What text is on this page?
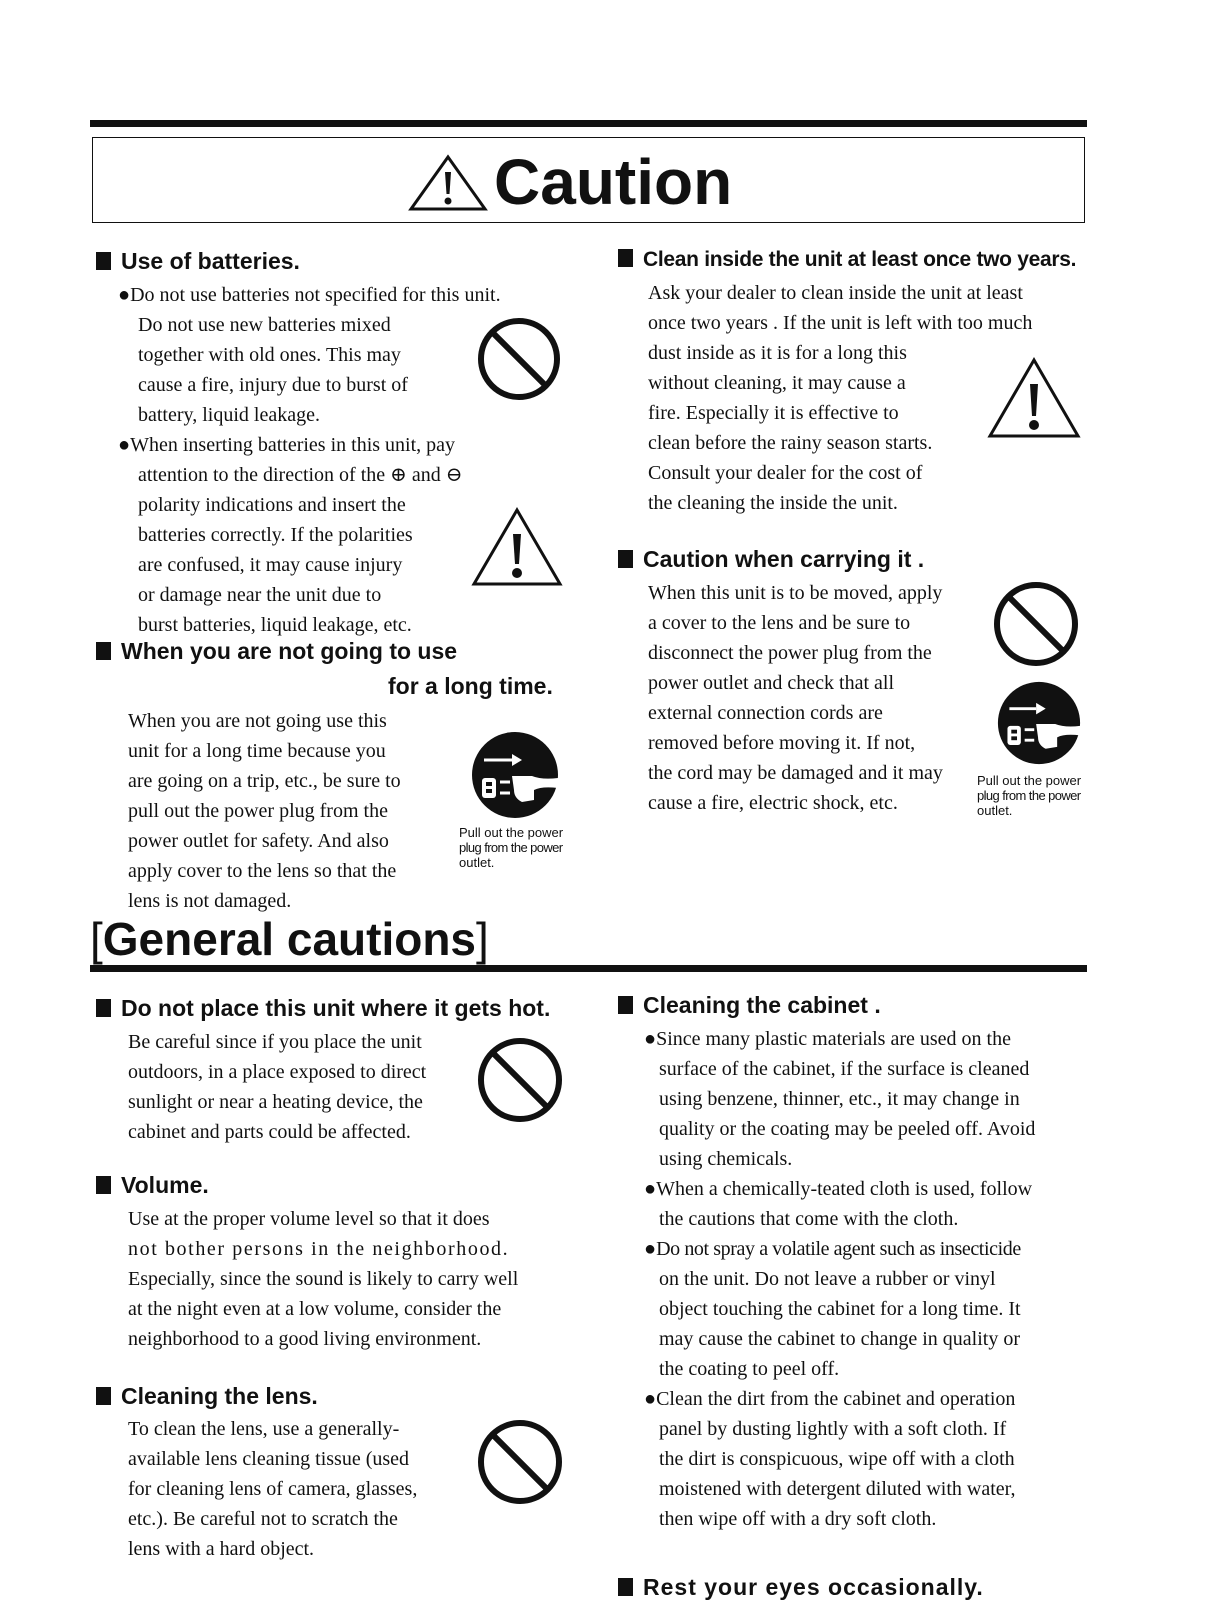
Caution
Use of batteries.
●Do not use batteries not specified for this unit.
Do not use new batteries mixed
together with old ones. This may
cause a fire, injury due to burst of
battery, liquid leakage.
●When inserting batteries in this unit, pay
attention to the direction of the ⊕ and ⊖
polarity indications and insert the
batteries correctly. If the polarities
are confused, it may cause injury
or damage near the unit due to
burst batteries, liquid leakage, etc.
When you are not going to use
for a long time.
When you are not going use this
unit for a long time because you
are going on a trip, etc., be sure to
pull out the power plug from the
power outlet for safety. And also
apply cover to the lens so that the
lens is not damaged.
Pull out the power
plug from the power
outlet.
Clean inside the unit at least once two years.
Ask your dealer to clean inside the unit at least
once two years . If the unit is left with too much
dust inside as it is for a long this
without cleaning, it may cause a
fire. Especially it is effective to
clean before the rainy season starts.
Consult your dealer for the cost of
the cleaning the inside the unit.
Caution when carrying it .
When this unit is to be moved, apply
a cover to the lens and be sure to
disconnect the power plug from the
power outlet and check that all
external connection cords are
removed before moving it. If not,
the cord may be damaged and it may
cause a fire, electric shock, etc.
Pull out the power
plug from the power
outlet.
[General cautions]
Do not place this unit where it gets hot.
Be careful since if you place the unit
outdoors, in a place exposed to direct
sunlight or near a heating device, the
cabinet and parts could be affected.
Volume.
Use at the proper volume level so that it does
not bother persons in the neighborhood.
Especially, since the sound is likely to carry well
at the night even at a low volume, consider the
neighborhood to a good living environment.
Cleaning the lens.
To clean the lens, use a generally-
available lens cleaning tissue (used
for cleaning lens of camera, glasses,
etc.). Be careful not to scratch the
lens with a hard object.
Cleaning the cabinet .
●Since many plastic materials are used on the
surface of the cabinet, if the surface is cleaned
using benzene, thinner, etc., it may change in
quality or the coating may be peeled off. Avoid
using chemicals.
●When a chemically-teated cloth is used, follow
the cautions that come with the cloth.
●Do not spray a volatile agent such as insecticide
on the unit. Do not leave a rubber or vinyl
object touching the cabinet for a long time. It
may cause the cabinet to change in quality or
the coating to peel off.
●Clean the dirt from the cabinet and operation
panel by dusting lightly with a soft cloth. If
the dirt is conspicuous, wipe off with a cloth
moistened with detergent diluted with water,
then wipe off with a dry soft cloth.
Rest your eyes occasionally.
